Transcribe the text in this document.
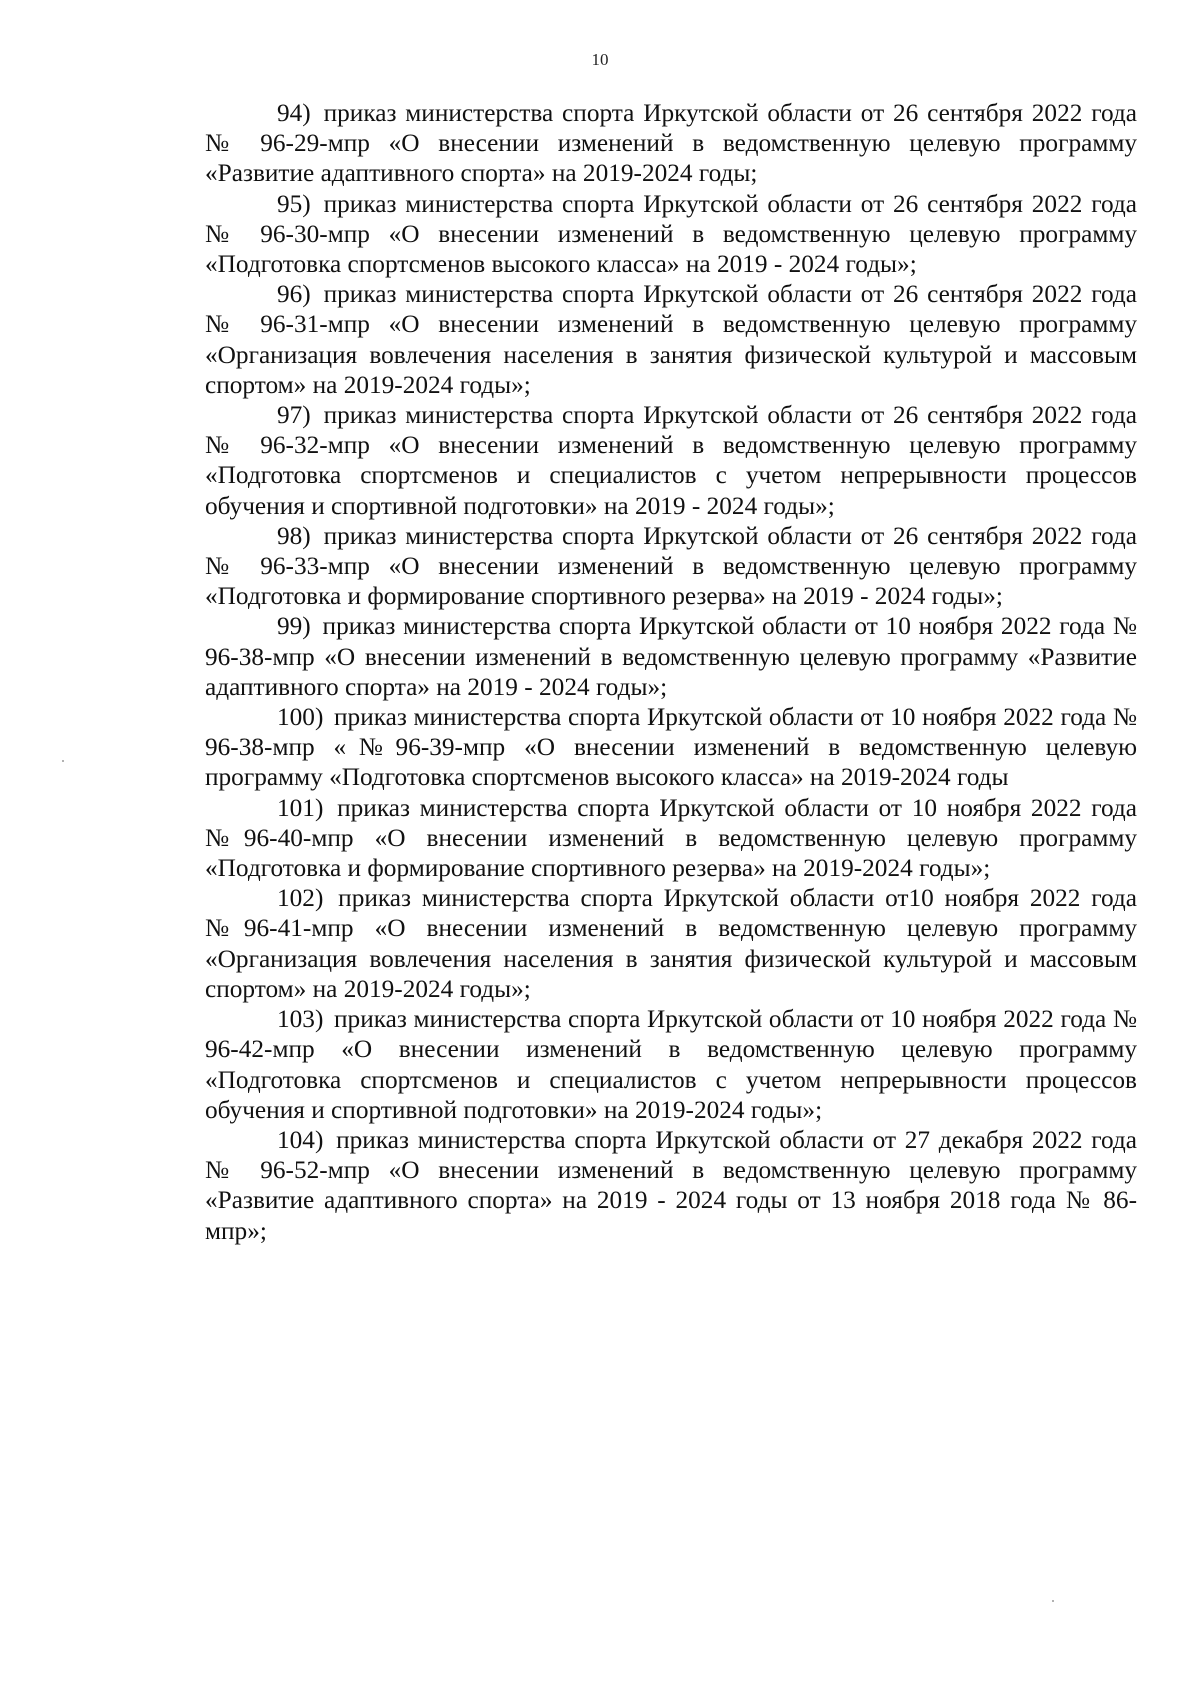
10

94) приказ министерства спорта Иркутской области от 26 сентября 2022 года № 96-29-мпр «О внесении изменений в ведомственную целевую программу «Развитие адаптивного спорта» на 2019-2024 годы;

95) приказ министерства спорта Иркутской области от 26 сентября 2022 года № 96-30-мпр «О внесении изменений в ведомственную целевую программу «Подготовка спортсменов высокого класса» на 2019 - 2024 годы»;

96) приказ министерства спорта Иркутской области от 26 сентября 2022 года № 96-31-мпр «О внесении изменений в ведомственную целевую программу «Организация вовлечения населения в занятия физической культурой и массовым спортом» на 2019-2024 годы»;

97) приказ министерства спорта Иркутской области от 26 сентября 2022 года № 96-32-мпр «О внесении изменений в ведомственную целевую программу «Подготовка спортсменов и специалистов с учетом непрерывности процессов обучения и спортивной подготовки» на 2019 - 2024 годы»;

98) приказ министерства спорта Иркутской области от 26 сентября 2022 года № 96-33-мпр «О внесении изменений в ведомственную целевую программу «Подготовка и формирование спортивного резерва» на 2019 - 2024 годы»;

99) приказ министерства спорта Иркутской области от 10 ноября 2022 года № 96-38-мпр «О внесении изменений в ведомственную целевую программу «Развитие адаптивного спорта» на 2019 - 2024 годы»;

100) приказ министерства спорта Иркутской области от 10 ноября 2022 года № 96-38-мпр «№96-39-мпр «О внесении изменений в ведомственную целевую программу «Подготовка спортсменов высокого класса» на 2019-2024 годы

101) приказ министерства спорта Иркутской области от 10 ноября 2022 года №96-40-мпр «О внесении изменений в ведомственную целевую программу «Подготовка и формирование спортивного резерва» на 2019-2024 годы»;

102) приказ министерства спорта Иркутской области от10 ноября 2022 года №96-41-мпр «О внесении изменений в ведомственную целевую программу «Организация вовлечения населения в занятия физической культурой и массовым спортом» на 2019-2024 годы»;

103) приказ министерства спорта Иркутской области от 10 ноября 2022 года № 96-42-мпр «О внесении изменений в ведомственную целевую программу «Подготовка спортсменов и специалистов с учетом непрерывности процессов обучения и спортивной подготовки» на 2019-2024 годы»;

104) приказ министерства спорта Иркутской области от 27 декабря 2022 года № 96-52-мпр «О внесении изменений в ведомственную целевую программу «Развитие адаптивного спорта» на 2019 - 2024 годы от 13 ноября 2018 года № 86-мпр»;
